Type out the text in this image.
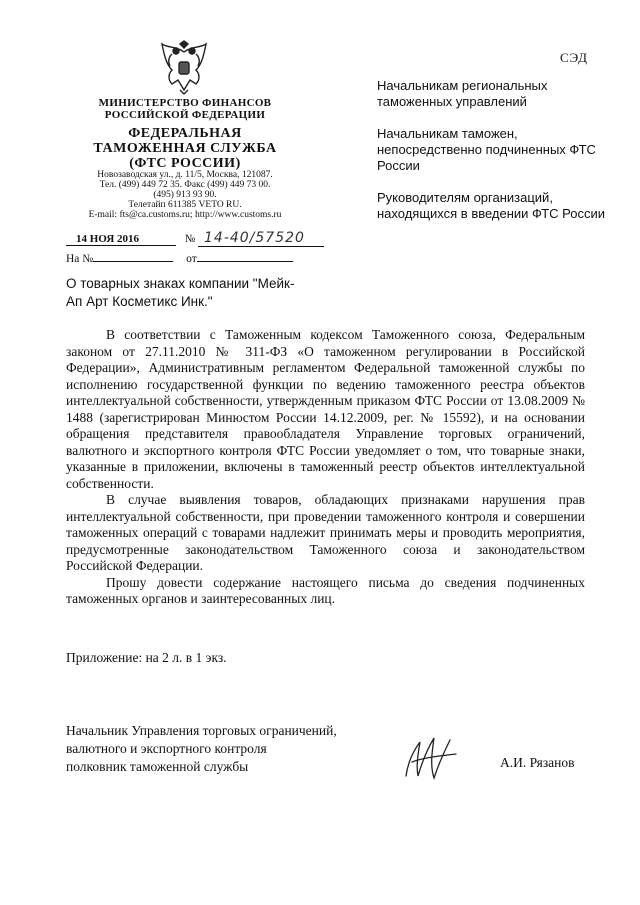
МИНИСТЕРСТВО ФИНАНСОВ
РОССИЙСКОЙ ФЕДЕРАЦИИ
ФЕДЕРАЛЬНАЯ
ТАМОЖЕННАЯ СЛУЖБА
(ФТС РОССИИ)
Новозаводская ул., д. 11/5, Москва, 121087.
Тел. (499) 449 72 35. Факс (499) 449 73 00.
(495) 913 93 90.
Телетайп 611385 VETO RU.
E-mail: fts@ca.customs.ru; http://www.customs.ru
14 НОЯ 2016	№ 14-40/57520
На №	от
СЭД

Начальникам региональных таможенных управлений

Начальникам таможен, непосредственно подчиненных ФТС России

Руководителям организаций, находящихся в введении ФТС России

О товарных знаках компании "Мейк-Ап Арт Косметикс Инк."

В соответствии с Таможенным кодексом Таможенного союза, Федеральным законом от 27.11.2010 № 311-ФЗ «О таможенном регулировании в Российской Федерации», Административным регламентом Федеральной таможенной службы по исполнению государственной функции по ведению таможенного реестра объектов интеллектуальной собственности, утвержденным приказом ФТС России от 13.08.2009 № 1488 (зарегистрирован Минюстом России 14.12.2009, рег. № 15592), и на основании обращения представителя правообладателя Управление торговых ограничений, валютного и экспортного контроля ФТС России уведомляет о том, что товарные знаки, указанные в приложении, включены в таможенный реестр объектов интеллектуальной собственности.

В случае выявления товаров, обладающих признаками нарушения прав интеллектуальной собственности, при проведении таможенного контроля и совершении таможенных операций с товарами надлежит принимать меры и проводить мероприятия, предусмотренные законодательством Таможенного союза и законодательством Российской Федерации.

Прошу довести содержание настоящего письма до сведения подчиненных таможенных органов и заинтересованных лиц.

Приложение: на 2 л. в 1 экз.
Начальник Управления торговых ограничений,
валютного и экспортного контроля
полковник таможенной службы	А.И. Рязанов
